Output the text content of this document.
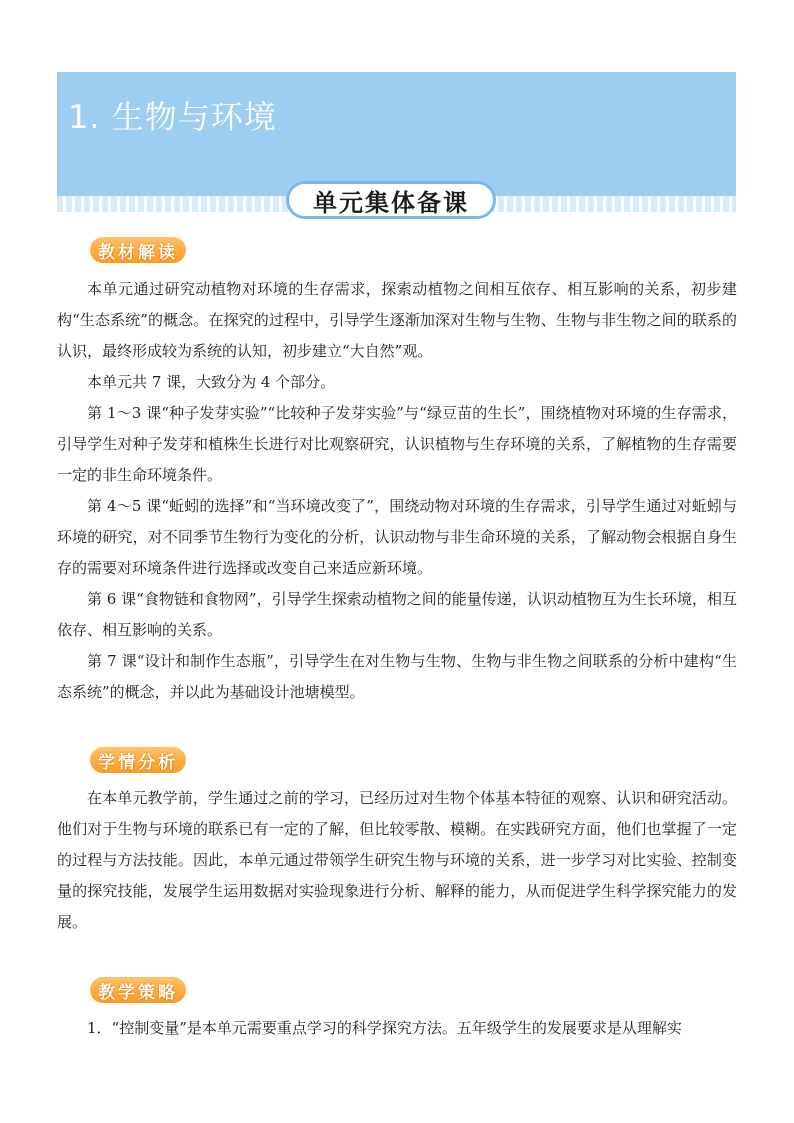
1. 生物与环境
单元集体备课
教材解读

本单元通过研究动植物对环境的生存需求，探索动植物之间相互依存、相互影响的关系，初步建构“生态系统”的概念。在探究的过程中，引导学生逐渐加深对生物与生物、生物与非生物之间的联系的认识，最终形成较为系统的认知，初步建立“大自然”观。

本单元共 7 课，大致分为 4 个部分。

第 1～3 课“种子发芽实验”“比较种子发芽实验”与“绿豆苗的生长”，围绕植物对环境的生存需求，引导学生对种子发芽和植株生长进行对比观察研究，认识植物与生存环境的关系，了解植物的生存需要一定的非生命环境条件。

第 4～5 课“蚯蚓的选择”和“当环境改变了”，围绕动物对环境的生存需求，引导学生通过对蚯蚓与环境的研究，对不同季节生物行为变化的分析，认识动物与非生命环境的关系，了解动物会根据自身生存的需要对环境条件进行选择或改变自己来适应新环境。

第 6 课“食物链和食物网”，引导学生探索动植物之间的能量传递，认识动植物互为生长环境，相互依存、相互影响的关系。

第 7 课“设计和制作生态瓶”，引导学生在对生物与生物、生物与非生物之间联系的分析中建构“生态系统”的概念，并以此为基础设计池塘模型。

学情分析

在本单元教学前，学生通过之前的学习，已经历过对生物个体基本特征的观察、认识和研究活动。他们对于生物与环境的联系已有一定的了解，但比较零散、模糊。在实践研究方面，他们也掌握了一定的过程与方法技能。因此，本单元通过带领学生研究生物与环境的关系，进一步学习对比实验、控制变量的探究技能，发展学生运用数据对实验现象进行分析、解释的能力，从而促进学生科学探究能力的发展。

教学策略

1．“控制变量”是本单元需要重点学习的科学探究方法。五年级学生的发展要求是从理解实
